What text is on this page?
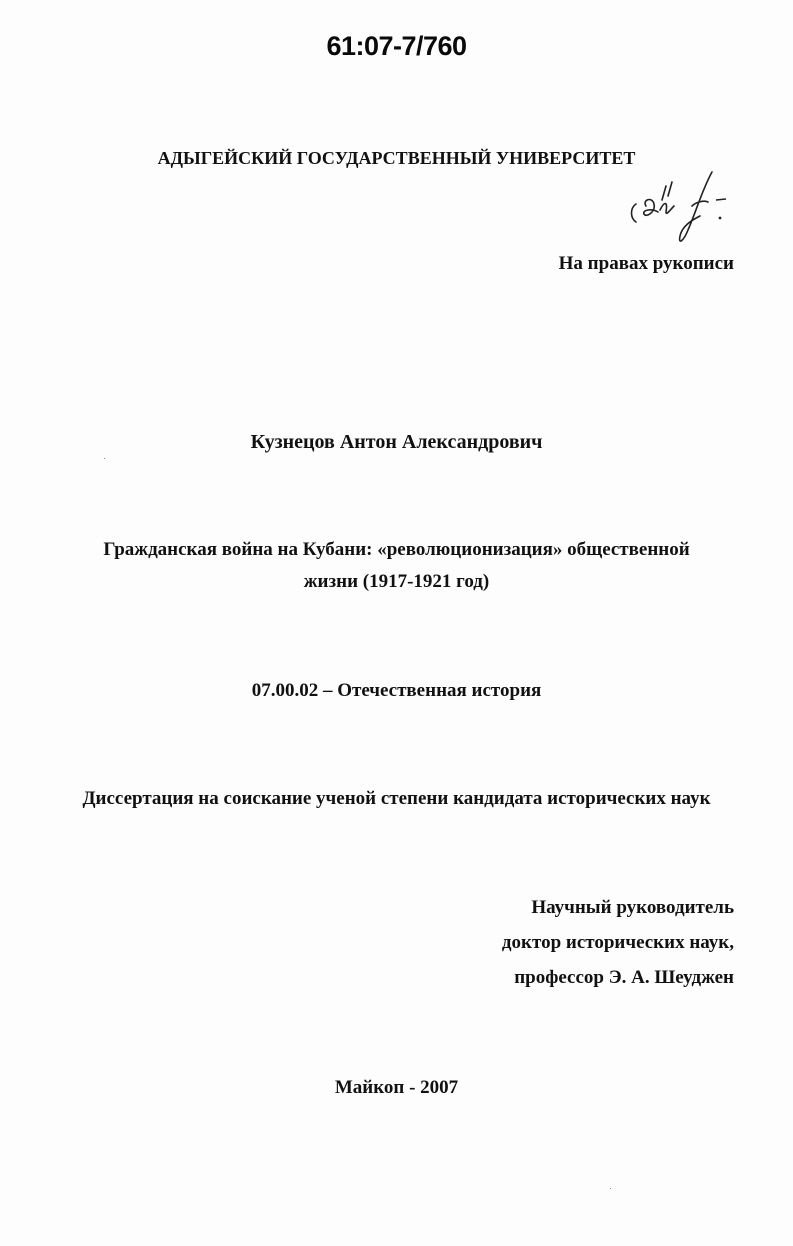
61:07-7/760
АДЫГЕЙСКИЙ ГОСУДАРСТВЕННЫЙ УНИВЕРСИТЕТ
На правах рукописи
Кузнецов Антон Александрович
Гражданская война на Кубани: «революционизация» общественной
жизни (1917-1921 год)
07.00.02 – Отечественная история
Диссертация на соискание ученой степени кандидата исторических наук
Научный руководитель
доктор исторических наук,
профессор Э. А. Шеуджен
Майкоп - 2007
